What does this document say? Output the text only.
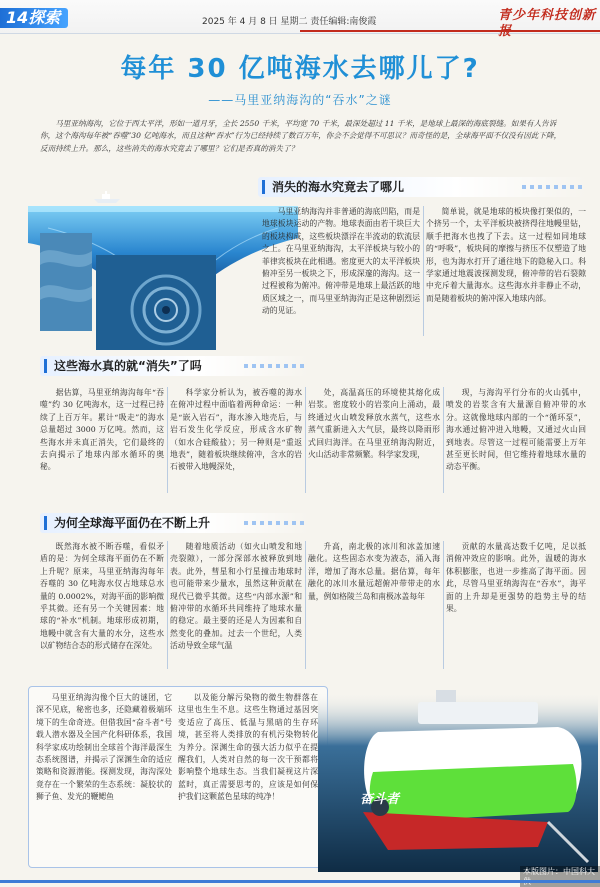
14探索	2025 年 4 月 8 日 星期二 责任编辑:南俊霞	青少年科技创新
每年 30 亿吨海水去哪儿了?
——马里亚纳海沟的“吞水”之谜
马里亚纳海沟，它位于西太平洋，形如一道月牙，全长 2550 千米，平均宽 70 千米，最深处超过 11 千米，是地球上最深的海底裂缝。如果有人告诉你，这个海沟每年被“吞噬”30 亿吨海水，而且这种“吞水”行为已经持续了数百万年，你会不会觉得不可思议？而奇怪的是，全球海平面不仅没有因此下降，反而持续上升。那么，这些消失的海水究竟去了哪里？它们是否真的消失了？
消失的海水究竟去了哪儿
马里亚纳海沟并非普通的海底凹陷，而是地球板块运动的产物。地球表面由若干块巨大的板块构成，这些板块漂浮在半流动的软流层之上。在马里亚纳海沟，太平洋板块与较小的菲律宾板块在此相遇。密度更大的太平洋板块俯冲至另一板块之下，形成深邃的海沟。这一过程被称为俯冲。俯冲带是地球上最活跃的地质区域之一，而马里亚纳海沟正是这种剧烈运动的见证。
简单说，就是地球的板块像打架似的，一个挤另一个，太平洋板块被挤得往地幔里钻，顺手把海水也拽了下去。这一过程如同地球的“呼吸”，板块间的摩擦与挤压不仅塑造了地形，也为海水打开了通往地下的隐秘入口。科学家通过地震波探测发现，俯冲带的岩石裂隙中充斥着大量海水。这些海水并非静止不动，而是随着板块的俯冲深入地球内部。
这些海水真的就“消失”了吗
据估算，马里亚纳海沟每年“吞噬”约 30 亿吨海水，这一过程已持续了上百万年。累计“吸走”的海水总量超过 3000 万亿吨。然而，这些海水并未真正消失，它们最终的去向揭示了地球内部水循环的奥秘。
科学家分析认为，被吞噬的海水在俯冲过程中面临着两种命运：一种是“嵌入岩石”，海水渗入地壳后，与岩石发生化学反应，形成含水矿物（如水合硅酸盐）；另一种则是“重返地表”，随着板块继续俯冲，含水的岩石被带入地幔深处，
处，高温高压的环境使其熔化成岩浆。密度较小的岩浆向上涌动，最终通过火山喷发释放水蒸气，这些水蒸气重新进入大气层，最终以降雨形式回归海洋。在马里亚纳海沟附近，火山活动非常频繁。科学家发现，
现，与海沟平行分布的火山弧中，喷发的岩浆含有大量源自俯冲带的水分。这就像地球内部的一个“循环泵”，海水通过俯冲进入地幔，又通过火山回到地表。尽管这一过程可能需要上万年甚至更长时间，但它维持着地球水量的动态平衡。
为何全球海平面仍在不断上升
既然海水被不断吞噬，看似矛盾的是：为何全球海平面仍在不断上升呢？原来，马里亚纳海沟每年吞噬的 30 亿吨海水仅占地球总水量的 0.0002%，对海平面的影响微乎其微。还有另一个关键因素：地球的“补水”机制。地球形成初期，地幔中就含有大量的水分，这些水以矿物结合态的形式储存在深处。
随着地质活动（如火山喷发和地壳裂隙），一部分深部水被释放到地表。此外，彗星和小行星撞击地球时也可能带来少量水，虽然这种贡献在现代已微乎其微。这些“内部水源”和俯冲带的水循环共同维持了地球水量的稳定。最主要的还是人为因素和自然变化的叠加。过去一个世纪，人类活动导致全球气温
升高，南北极的冰川和冰盖加速融化。这些固态水变为液态，涌入海洋，增加了海水总量。据估算，每年融化的冰川水量远超俯冲带带走的水量，例如格陵兰岛和南极冰盖每年
贡献的水量高达数千亿吨，足以抵消俯冲效应的影响。此外，温暖的海水体积膨胀，也进一步推高了海平面。因此，尽管马里亚纳海沟在“吞水”，海平面的上升却是更强势的趋势主导的结果。
马里亚纳海沟像个巨大的谜团，它深不见底，秘密也多，还隐藏着极端环境下的生命奇迹。但借我国“奋斗者”号载人潜水器及全国产化科研体系，我国科学家成功绘制出全球首个海洋最深生态系统图谱，并揭示了深渊生命的适应策略和资源潜能。探测发现，海沟深处竟存在一个繁荣的生态系统：凝胶状的狮子鱼、发光的鞭鳃鱼
以及能分解污染物的微生物群落在这里也生生不息。这些生物通过基因突变适应了高压、低温与黑暗的生存环境，甚至将人类排放的有机污染物转化为养分。深渊生命的强大活力似乎在提醒我们，人类对自然的每一次干预都将影响整个地球生态。当我们凝视这片深蓝时，真正需要思考的，应该是如何保护我们这颗蓝色星球的纯净！	奋斗者
本版图片：中国科大
